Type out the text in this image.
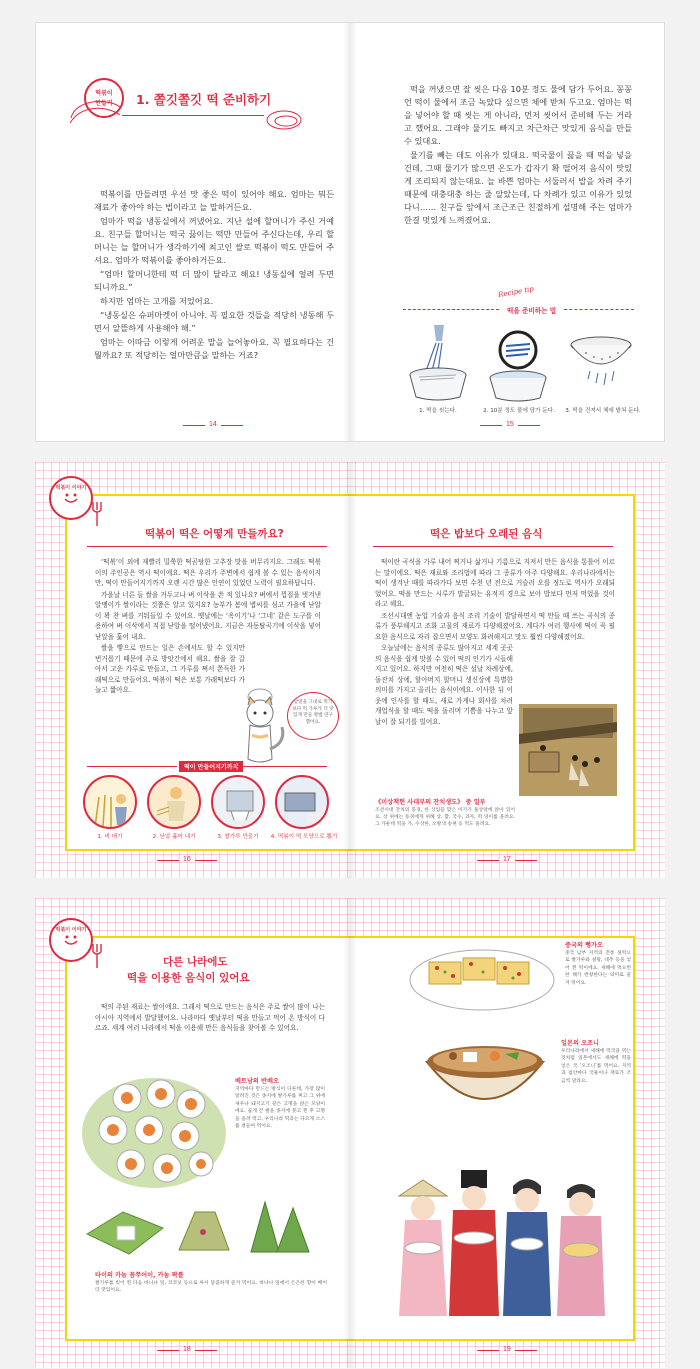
떡볶이
만들기	1. 쫄깃쫄깃 떡 준비하기

떡볶이를 만들려면 우선 맛 좋은 떡이 있어야 해요. 엄마는 뭐든 재료가 좋아야 하는 법이라고 늘 말하거든요.

엄마가 떡을 냉동실에서 꺼냈어요. 지난 설에 할머니가 주신 거예요. 친구들 할머니는 떡국 끓이는 떡만 만들어 주신다는데, 우리 할머니는 늘 할머니가 생각하기에 최고인 쌀로 떡볶이 떡도 만들어 주셔요. 엄마가 떡볶이를 좋아하거든요.

“엄마! 할머니한테 떡 더 많이 달라고 해요! 냉동실에 얼려 두면 되니까요.”

하지만 엄마는 고개를 저었어요.

“냉동실은 슈퍼마켓이 아니야. 꼭 필요한 것들을 적당히 냉동해 두면서 알뜰하게 사용해야 해.”

엄마는 이따금 이렇게 어려운 말을 늘어놓아요. 꼭 필요하다는 건 뭘까요? 또 적당히는 얼마만큼을 말하는 거죠?

14

떡을 꺼냈으면 잘 씻은 다음 10분 정도 물에 담가 두어요. 꽁꽁 언 떡이 물에서 조금 녹았다 싶으면 체에 받쳐 두고요. 엄마는 떡을 넣어야 할 때 씻는 게 아니라, 먼저 씻어서 준비해 두는 거라고 했어요. 그래야 물기도 빠지고 차근차근 맛있게 음식을 만들 수 있대요.

물기를 빼는 데도 이유가 있대요. 떡국물이 끓을 때 떡을 넣을 건데, 그때 물기가 많으면 온도가 갑자기 확 떨어져 음식이 맛있게 조리되지 않는대요. 늘 바쁜 엄마는 서둘러서 밥을 차려 주기 때문에 대충대충 하는 줄 알았는데, 다 차례가 있고 이유가 있었다니…… 친구들 앞에서 조근조근 친절하게 설명해 주는 엄마가 한결 멋있게 느껴졌어요.

Recipe tip
떡을 준비하는 법
1. 떡을 씻는다.	2. 10분 정도 물에 담가 둔다.	3. 떡을 건져서 체에 밭쳐 둔다.
15
떡볶이 이야기
떡볶이 떡은 어떻게 만들까요?

‘떡볶’이 외에 재빨리 밀쭉한 떡곰탕한 고추장 맛을 버무리지요. 그래도 떡볶이의 주인공은 역시 떡이에요. 떡은 우리가 주변에서 쉽게 볼 수 있는 음식이지만, 떡이 만들어지기까지 오랜 시간 많은 인연이 있었던 노력이 필요하답니다.

가을날 너른 들 쌀을 거두고나 벼 이삭을 쓴 적 있나요? 벼에서 껍질을 벗겨낸 알맹이가 쌀이라는 것쯤은 알고 있지요? 농부가 봄에 볍씨를 심고 가을에 낟알이 꽉 찬 벼를 거둬들일 수 있어요. 옛날에는 ‘옥이기’나 ‘그네’ 같은 도구를 이용하여 벼 이삭에서 직접 낟알을 떨어냈어요. 지금은 자동탈곡기에 이삭을 넣어 낟알을 훑어 내요.

쌀을 빻으로 만드는 일은 손에서도 할 수 있지만 번거롭기 때문에 주로 방앗간에서 해요. 쌀을 잘 갈아서 고운 가루로 만들고, 그 가루를 쪄서 쫀득한 가래떡으로 만들어요. 떡볶이 떡은 보통 가래떡보다 가늘고 짧아요.

날알을 그대로 먹기보다 떡 가루가 더 맛있게 만들 방법 연구했어요.
떡이 만들어지기까지
1. 벼 베기	2. 낟알 훑어 내기	3. 쌀가루 만들기	4. 떡볶이 떡 모양으로 뽑기
16
떡은 밥보다 오래된 음식

떡이란 곡식을 가루 내어 찌거나 삶거나 기름으로 지져서 만든 음식을 통틀어 이르는 말이에요. 떡은 재료와 조리법에 따라 그 종류가 아주 다양해요. 우리나라에서는 떡이 생겨난 때를 따라가다 보면 수천 년 전으로 거슬러 오를 정도로 역사가 오래되었어요. 떡을 만드는 시루가 발굴되는 유적지 경으로 보아 밥보다 먼저 먹었을 것이라고 해요.

조선시대엔 농업 기술과 음식 조리 기술이 발달하면서 떡 만들 때 쓰는 곡식의 종류가 풍부해지고 조화 고물의 재료가 다양해졌어요. 계다가 여러 행사에 떡이 꼭 필요한 음식으로 자리 잡으면서 모양도 화려해지고 맛도 훨씬 다양해졌어요.

오늘날에는 음식의 종류도 많아지고 세계 곳곳의 음식을 쉽게 맛볼 수 있어 떡의 인기가 시들해지고 있어요. 하지만 여전히 떡은 설날 차례상에, 돌잔치 상에, 할아버지 할머니 생신상에 특별한 의미를 가지고 올리는 음식이에요. 이사한 뒤 이웃에 인사를 할 때도, 새로 가게나 회사를 차려 개업식을 할 때도 떡을 돌리며 기쁨을 나누고 앞날이 잘 되기를 빌어요.

《미상책헌 사대부의 잔치생도》 중 일부
조선시대 잔치의 풍경, 한 상입을 맞은 이가가 돌상앞에 앉아 있어요. 상 위에는 동경에게 위해 상, 할, 국수, 과자, 떡 덩이를 올려요. 그 가운데 떡을 가, 수상한, 오방색 송편 등 떡도 올려요.
17
떡볶이 이야기
다른 나라에도
떡을 이용한 음식이 있어요

떡의 주된 재료는 쌀이에요. 그래서 떡으로 만드는 음식은 주로 쌀이 많이 나는 아시아 지역에서 발달했어요. 나라마다 옛날부터 떡을 만들고 먹어 온 방식이 다르죠. 세계 여러 나라에서 떡을 이용해 만든 음식들을 찾아볼 수 있어요.

베트남의 반배오
지역마다 만드는 방식이 다른데, 가장 많이 알려진 것은 종지에 쌀가루를 찌고 그 위에 새우나 돼지고기 같은 고명을 얹은 모양이에요. 곱게 간 쌀을 종지에 붓고 찐 후 고명을 올려 먹고, 우리나라 떡과는 다르게 소스를 곁들여 먹어요.
타이의 카놈 꼼쭈어이, 카놈 팍틀
쌀가루를 빚어 찐 다음 바나나 잎, 코코넛 등으로 싸서 달콤하게 즐겨 먹어요. 바나나 잎에서 은은한 향이 배어 더 맛있어요.
18
중국의 뻥가오
중국 남부 지역의 전통 설떡으로 쌀가루와 설탕, 대추 등을 넣어 찐 떡이에요. 새해에 먹으면 한 해가 번창한다는 의미로 즐겨 먹어요.
일본의 오조니
우리나라에서 새해에 떡국을 먹는 것처럼 일본에서도 새해에 떡을 넣은 국 ‘오조니’를 먹어요. 지역과 집안마다 국물이나 재료가 조금씩 달라요.
19
